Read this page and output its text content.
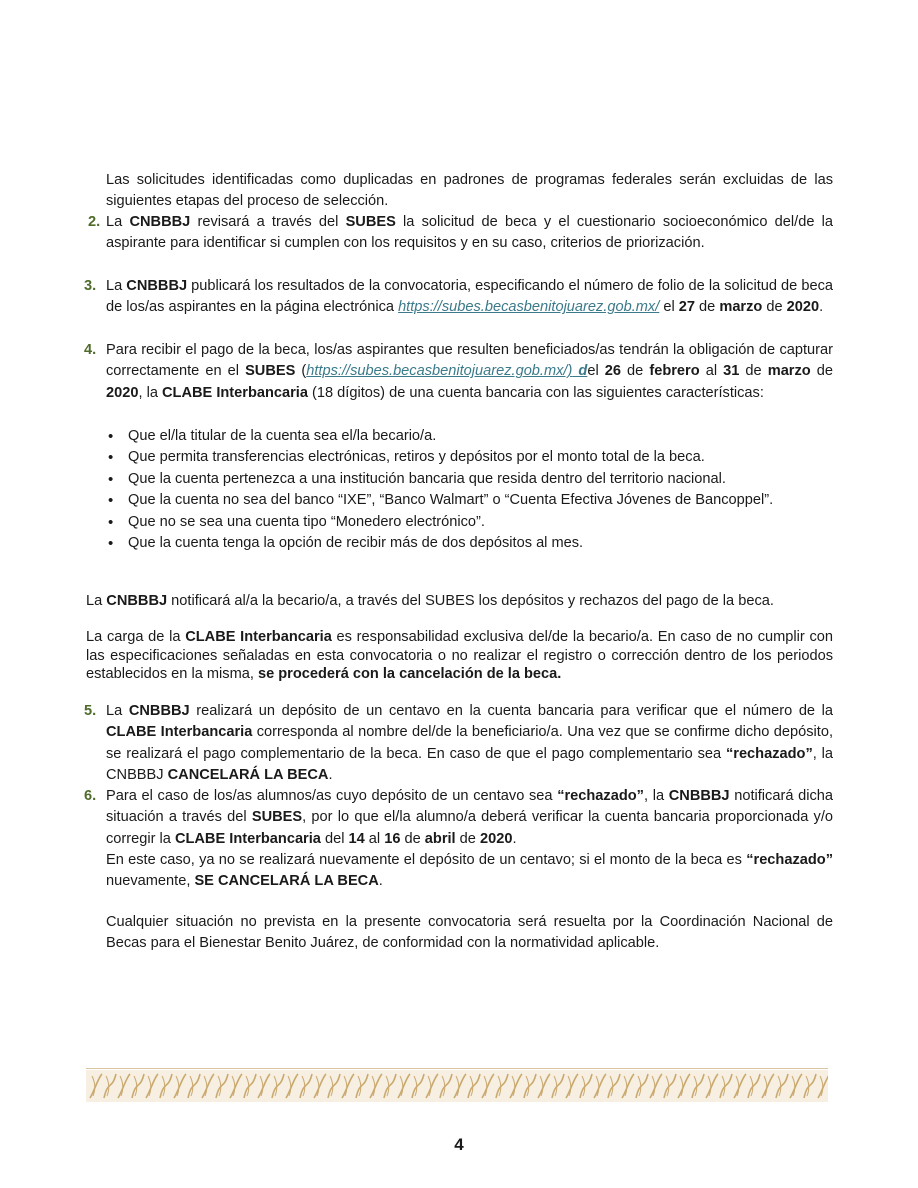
Las solicitudes identificadas como duplicadas en padrones de programas federales serán excluidas de las siguientes etapas del proceso de selección.
2. La CNBBBJ revisará a través del SUBES la solicitud de beca y el cuestionario socioeconómico del/de la aspirante para identificar si cumplen con los requisitos y en su caso, criterios de priorización.
3. La CNBBBJ publicará los resultados de la convocatoria, especificando el número de folio de la solicitud de beca de los/as aspirantes en la página electrónica https://subes.becasbenitojuarez.gob.mx/ el 27 de marzo de 2020.
4. Para recibir el pago de la beca, los/as aspirantes que resulten beneficiados/as tendrán la obligación de capturar correctamente en el SUBES (https://subes.becasbenitojuarez.gob.mx/) del 26 de febrero al 31 de marzo de 2020, la CLABE Interbancaria (18 dígitos) de una cuenta bancaria con las siguientes características:
• Que el/la titular de la cuenta sea el/la becario/a.
• Que permita transferencias electrónicas, retiros y depósitos por el monto total de la beca.
• Que la cuenta pertenezca a una institución bancaria que resida dentro del territorio nacional.
• Que la cuenta no sea del banco “IXE”, “Banco Walmart” o “Cuenta Efectiva Jóvenes de Bancoppel”.
• Que no se sea una cuenta tipo “Monedero electrónico”.
• Que la cuenta tenga la opción de recibir más de dos depósitos al mes.
La CNBBBJ notificará al/a la becario/a, a través del SUBES los depósitos y rechazos del pago de la beca.
La carga de la CLABE Interbancaria es responsabilidad exclusiva del/de la becario/a. En caso de no cumplir con las especificaciones señaladas en esta convocatoria o no realizar el registro o corrección dentro de los periodos establecidos en la misma, se procederá con la cancelación de la beca.
5. La CNBBBJ realizará un depósito de un centavo en la cuenta bancaria para verificar que el número de la CLABE Interbancaria corresponda al nombre del/de la beneficiario/a. Una vez que se confirme dicho depósito, se realizará el pago complementario de la beca. En caso de que el pago complementario sea “rechazado”, la CNBBBJ CANCELARÁ LA BECA.
6. Para el caso de los/as alumnos/as cuyo depósito de un centavo sea “rechazado”, la CNBBBJ notificará dicha situación a través del SUBES, por lo que el/la alumno/a deberá verificar la cuenta bancaria proporcionada y/o corregir la CLABE Interbancaria del 14 al 16 de abril de 2020.
En este caso, ya no se realizará nuevamente el depósito de un centavo; si el monto de la beca es “rechazado” nuevamente, SE CANCELARÁ LA BECA.
Cualquier situación no prevista en la presente convocatoria será resuelta por la Coordinación Nacional de Becas para el Bienestar Benito Juárez, de conformidad con la normatividad aplicable.
4
